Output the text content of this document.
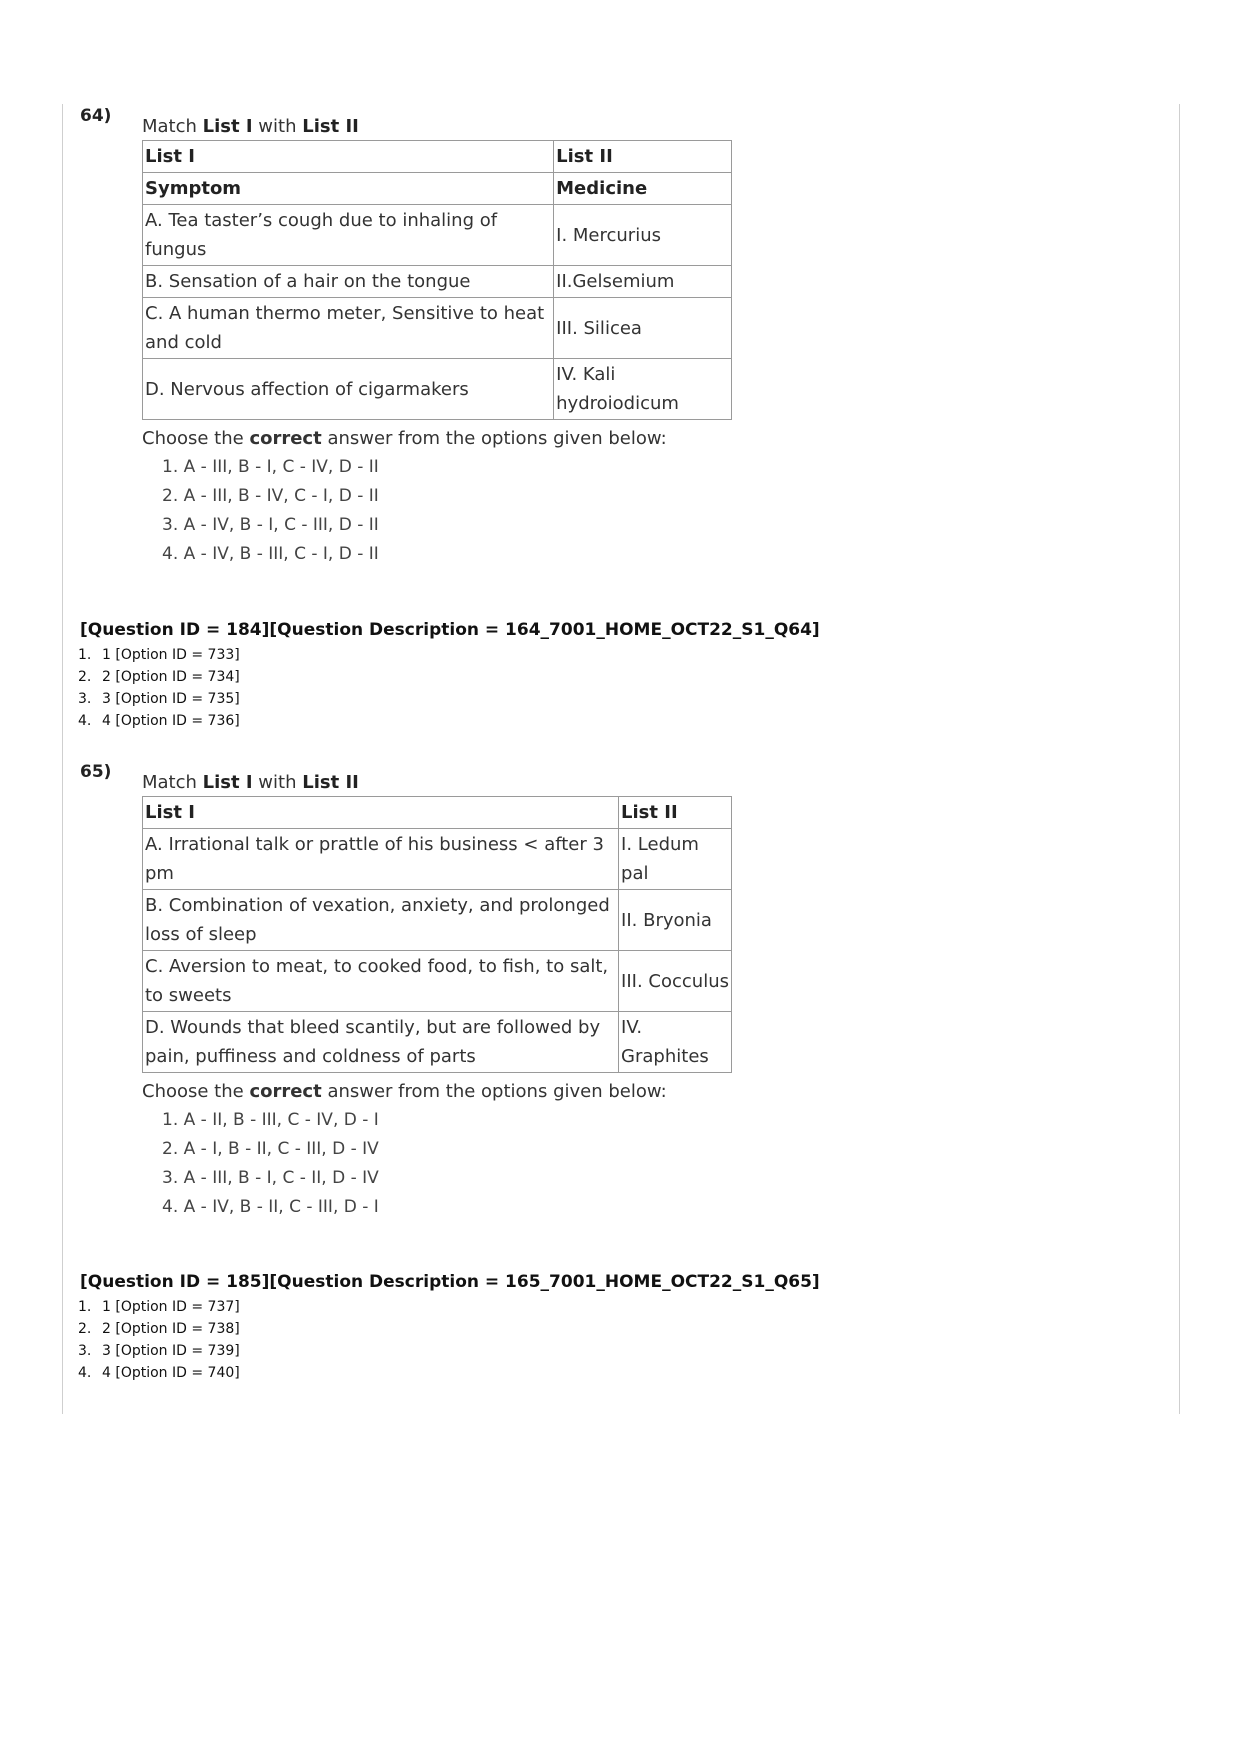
64) Match List I with List II

List I	List II
Symptom	Medicine
A. Tea taster’s cough due to inhaling of fungus	I. Mercurius
B. Sensation of a hair on the tongue	II.Gelsemium
C. A human thermo meter, Sensitive to heat and cold	III. Silicea
D. Nervous affection of cigarmakers	IV. Kali hydroiodicum

Choose the correct answer from the options given below:

1. A - III, B - I, C - IV, D - II
2. A - III, B - IV, C - I, D - II
3. A - IV, B - I, C - III, D - II
4. A - IV, B - III, C - I, D - II

[Question ID = 184][Question Description = 164_7001_HOME_OCT22_S1_Q64]

1. 1 [Option ID = 733]
2. 2 [Option ID = 734]
3. 3 [Option ID = 735]
4. 4 [Option ID = 736]
65) Match List I with List II

List I	List II
A. Irrational talk or prattle of his business < after 3 pm	I. Ledum pal
B. Combination of vexation, anxiety, and prolonged loss of sleep	II. Bryonia
C. Aversion to meat, to cooked food, to fish, to salt, to sweets	III. Cocculus
D. Wounds that bleed scantily, but are followed by pain, puffiness and coldness of parts	IV. Graphites

Choose the correct answer from the options given below:

1. A - II, B - III, C - IV, D - I
2. A - I, B - II, C - III, D - IV
3. A - III, B - I, C - II, D - IV
4. A - IV, B - II, C - III, D - I

[Question ID = 185][Question Description = 165_7001_HOME_OCT22_S1_Q65]

1. 1 [Option ID = 737]
2. 2 [Option ID = 738]
3. 3 [Option ID = 739]
4. 4 [Option ID = 740]
